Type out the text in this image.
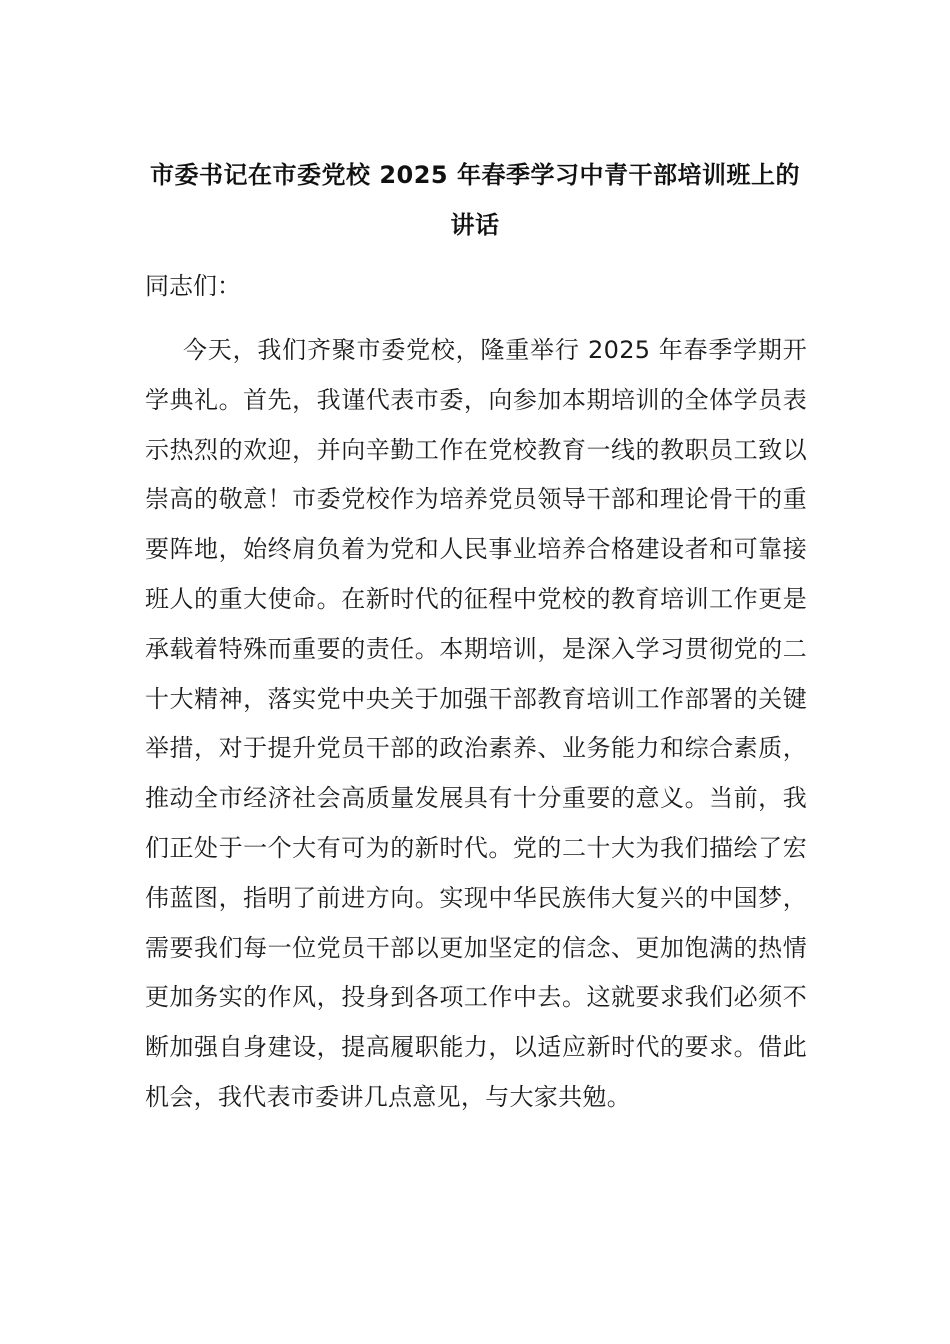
市委书记在市委党校 2025 年春季学习中青干部培训班上的讲话

同志们：

今天，我们齐聚市委党校，隆重举行 2025 年春季学期开学典礼。首先，我谨代表市委，向参加本期培训的全体学员表示热烈的欢迎，并向辛勤工作在党校教育一线的教职员工致以崇高的敬意！市委党校作为培养党员领导干部和理论骨干的重要阵地，始终肩负着为党和人民事业培养合格建设者和可靠接班人的重大使命。在新时代的征程中党校的教育培训工作更是承载着特殊而重要的责任。本期培训，是深入学习贯彻党的二十大精神，落实党中央关于加强干部教育培训工作部署的关键举措，对于提升党员干部的政治素养、业务能力和综合素质，推动全市经济社会高质量发展具有十分重要的意义。当前，我们正处于一个大有可为的新时代。党的二十大为我们描绘了宏伟蓝图，指明了前进方向。实现中华民族伟大复兴的中国梦，需要我们每一位党员干部以更加坚定的信念、更加饱满的热情更加务实的作风，投身到各项工作中去。这就要求我们必须不断加强自身建设，提高履职能力，以适应新时代的要求。借此机会，我代表市委讲几点意见，与大家共勉。
